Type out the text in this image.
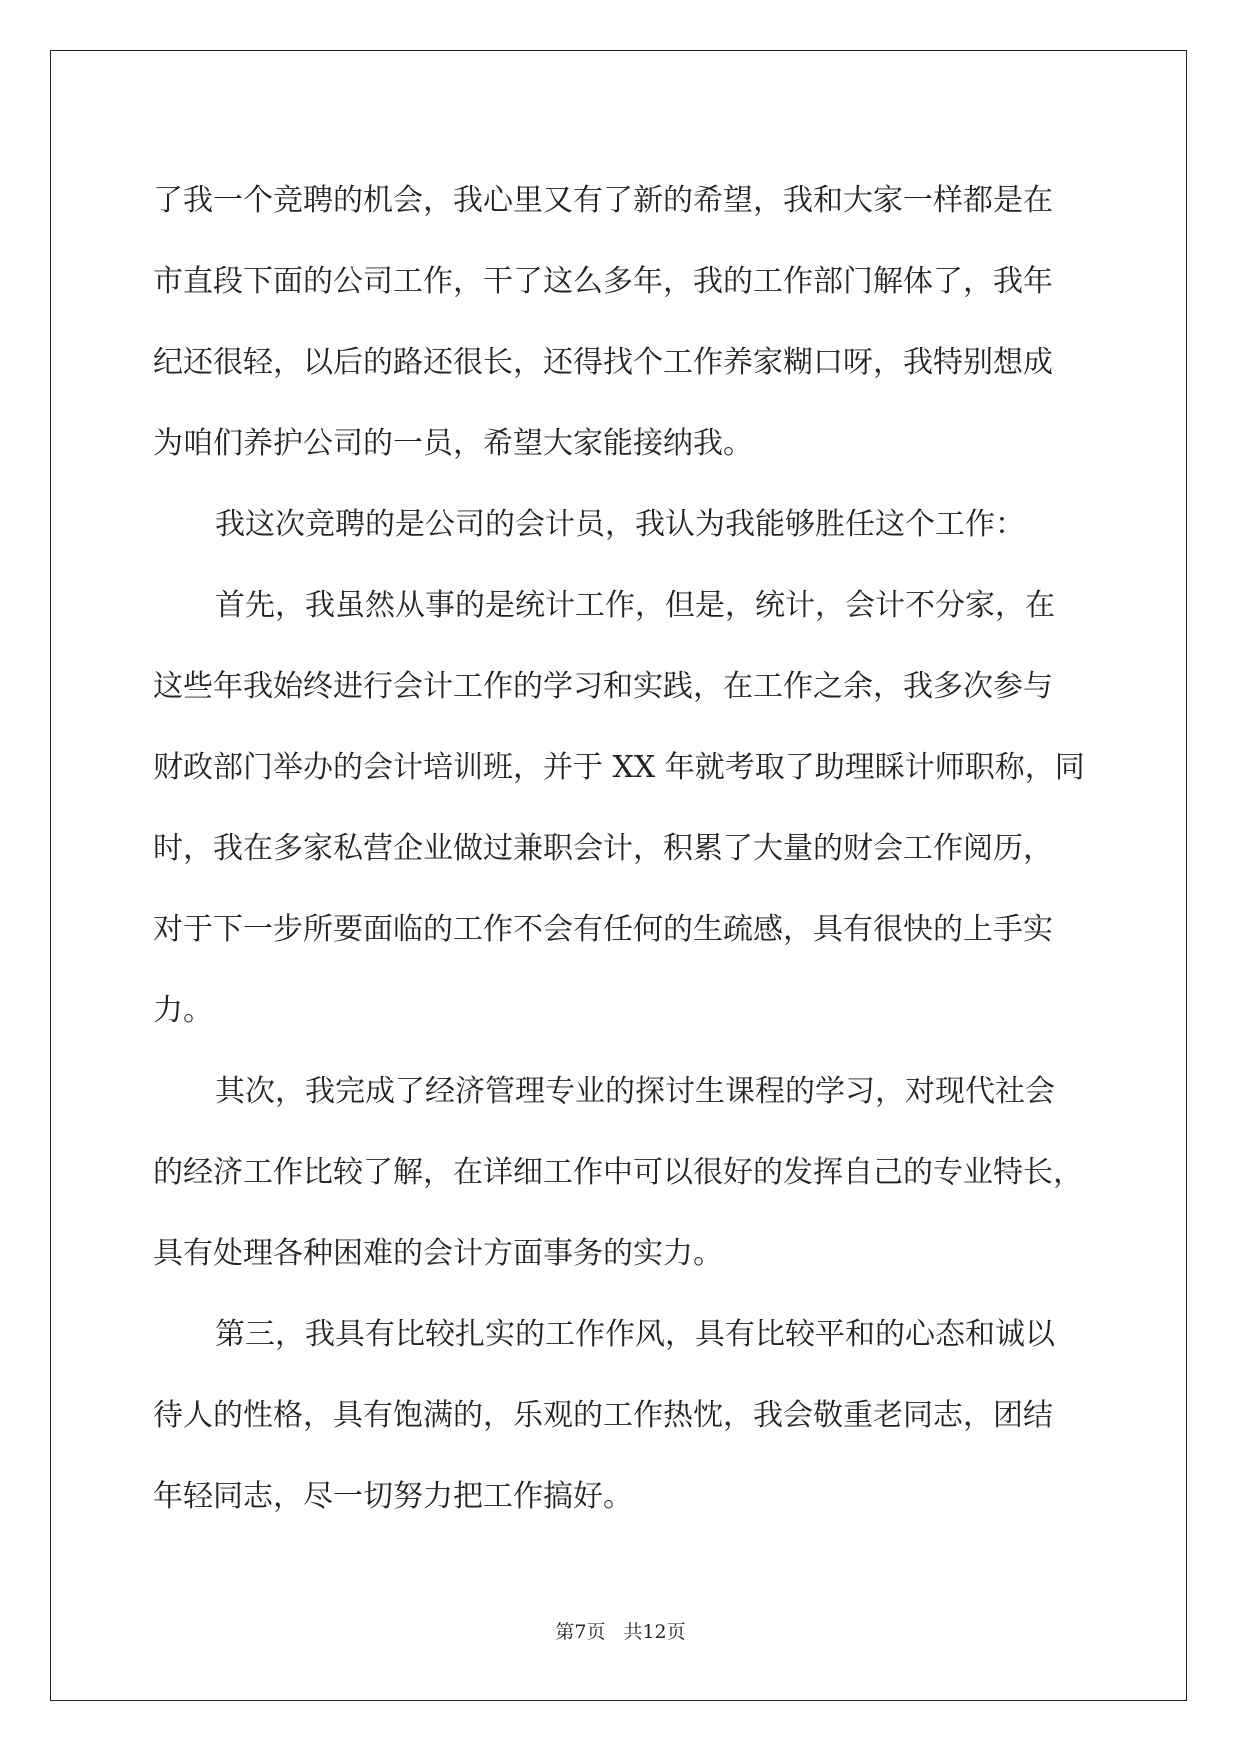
了我一个竞聘的机会，我心里又有了新的希望，我和大家一样都是在
市直段下面的公司工作，干了这么多年，我的工作部门解体了，我年
纪还很轻，以后的路还很长，还得找个工作养家糊口呀，我特别想成
为咱们养护公司的一员，希望大家能接纳我。
我这次竞聘的是公司的会计员，我认为我能够胜任这个工作：
首先，我虽然从事的是统计工作，但是，统计，会计不分家，在
这些年我始终进行会计工作的学习和实践，在工作之余，我多次参与
财政部门举办的会计培训班，并于 XX 年就考取了助理睬计师职称，同
时，我在多家私营企业做过兼职会计，积累了大量的财会工作阅历，
对于下一步所要面临的工作不会有任何的生疏感，具有很快的上手实
力。
其次，我完成了经济管理专业的探讨生课程的学习，对现代社会
的经济工作比较了解，在详细工作中可以很好的发挥自己的专业特长，
具有处理各种困难的会计方面事务的实力。
第三，我具有比较扎实的工作作风，具有比较平和的心态和诚以
待人的性格，具有饱满的，乐观的工作热忱，我会敬重老同志，团结
年轻同志，尽一切努力把工作搞好。
第7页 共12页
